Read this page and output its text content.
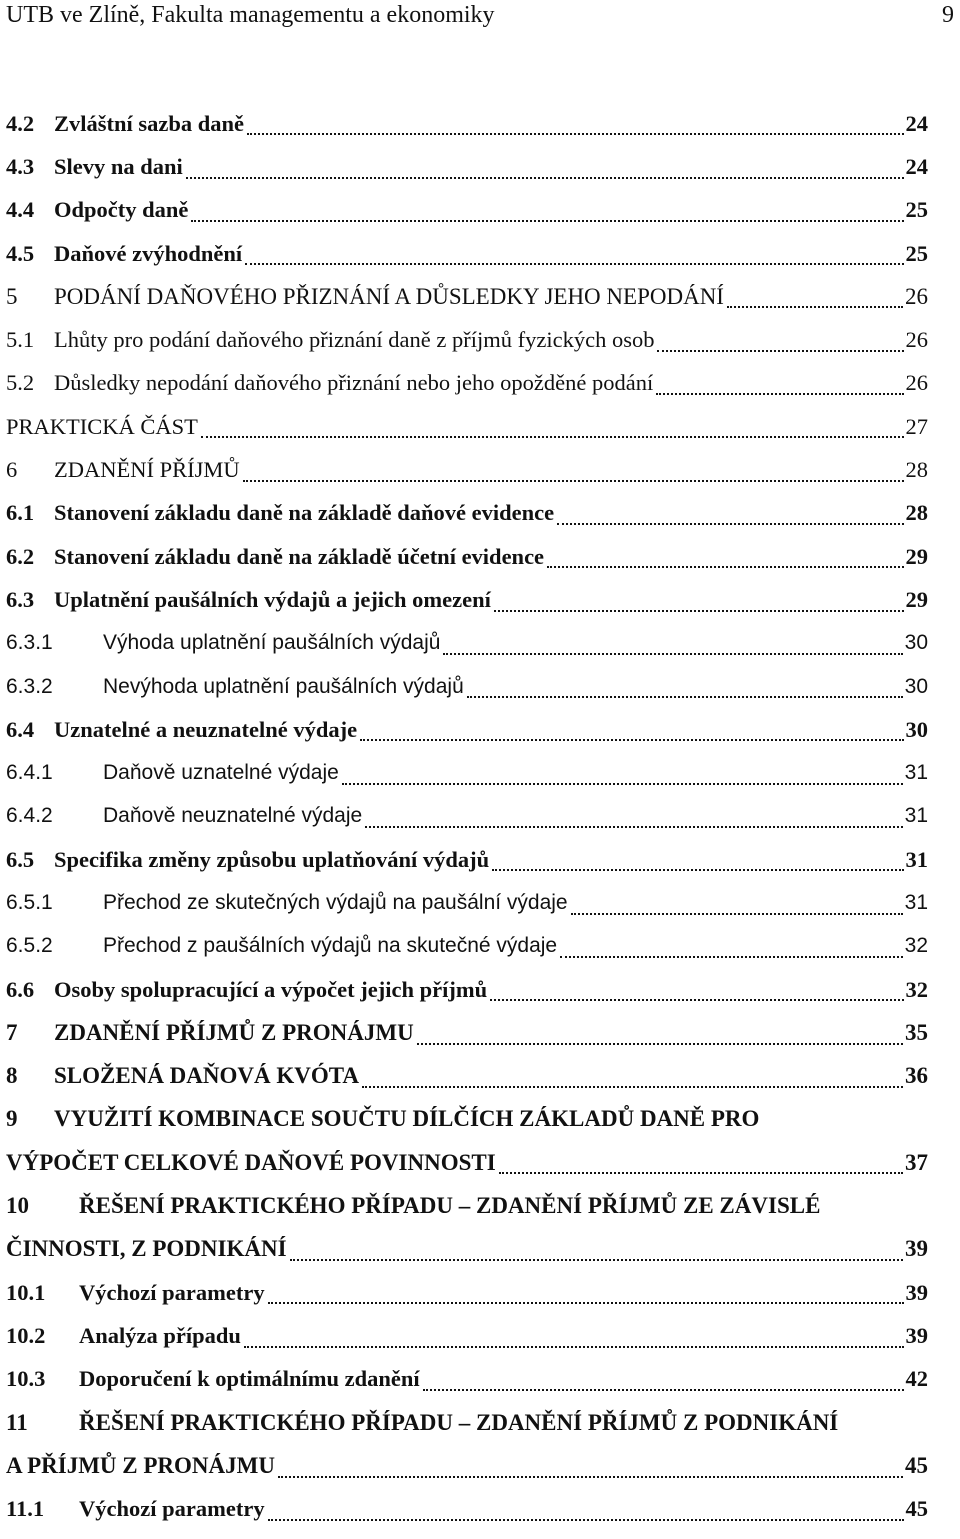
UTB ve Zlíně, Fakulta managementu a ekonomiky	9
4.2 Zvláštní sazba daně	24
4.3 Slevy na dani	24
4.4 Odpočty daně	25
4.5 Daňové zvýhodnění	25
5	PODÁNÍ DAŇOVÉHO PŘIZNÁNÍ A DŮSLEDKY JEHO NEPODÁNÍ	26
5.1 Lhůty pro podání daňového přiznání daně z příjmů fyzických osob	26
5.2 Důsledky nepodání daňového přiznání nebo jeho opožděné podání	26
PRAKTICKÁ ČÁST	27
6	ZDANĚNÍ PŘÍJMŮ	28
6.1 Stanovení základu daně na základě daňové evidence	28
6.2 Stanovení základu daně na základě účetní evidence	29
6.3 Uplatnění paušálních výdajů a jejich omezení	29
6.3.1	Výhoda uplatnění paušálních výdajů	30
6.3.2	Nevýhoda uplatnění paušálních výdajů	30
6.4 Uznatelné a neuznatelné výdaje	30
6.4.1	Daňově uznatelné výdaje	31
6.4.2	Daňově neuznatelné výdaje	31
6.5 Specifika změny způsobu uplatňování výdajů	31
6.5.1	Přechod ze skutečných výdajů na paušální výdaje	31
6.5.2	Přechod z paušálních výdajů na skutečné výdaje	32
6.6 Osoby spolupracující a výpočet jejich příjmů	32
7	ZDANĚNÍ PŘÍJMŮ Z PRONÁJMU	35
8	SLOŽENÁ DAŇOVÁ KVÓTA	36
9	VYUŽITÍ KOMBINACE SOUČTU DÍLČÍCH ZÁKLADŮ DANĚ PRO
VÝPOČET CELKOVÉ DAŇOVÉ POVINNOSTI	37
10	ŘEŠENÍ PRAKTICKÉHO PŘÍPADU – ZDANĚNÍ PŘÍJMŮ ZE ZÁVISLÉ
ČINNOSTI, Z PODNIKÁNÍ	39
10.1	Výchozí parametry	39
10.2	Analýza případu	39
10.3	Doporučení k optimálnímu zdanění	42
11	ŘEŠENÍ PRAKTICKÉHO PŘÍPADU – ZDANĚNÍ PŘÍJMŮ Z PODNIKÁNÍ
A PŘÍJMŮ Z PRONÁJMU	45
11.1	Výchozí parametry	45
